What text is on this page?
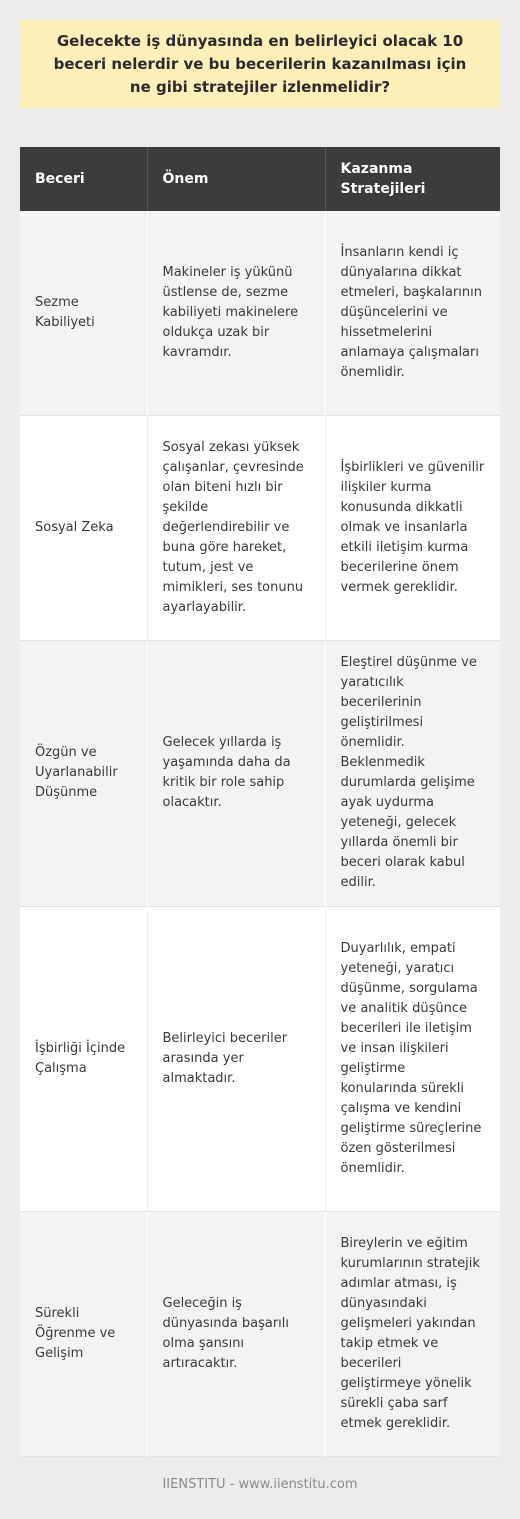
Gelecekte iş dünyasında en belirleyici olacak 10 beceri nelerdir ve bu becerilerin kazanılması için ne gibi stratejiler izlenmelidir?
Beceri	Önem	Kazanma Stratejileri
Sezme Kabiliyeti	Makineler iş yükünü üstlense de, sezme kabiliyeti makinelere oldukça uzak bir kavramdır.	İnsanların kendi iç dünyalarına dikkat etmeleri, başkalarının düşüncelerini ve hissetmelerini anlamaya çalışmaları önemlidir.
Sosyal Zeka	Sosyal zekası yüksek çalışanlar, çevresinde olan biteni hızlı bir şekilde değerlendirebilir ve buna göre hareket, tutum, jest ve mimikleri, ses tonunu ayarlayabilir.	İşbirlikleri ve güvenilir ilişkiler kurma konusunda dikkatli olmak ve insanlarla etkili iletişim kurma becerilerine önem vermek gereklidir.
Özgün ve Uyarlanabilir Düşünme	Gelecek yıllarda iş yaşamında daha da kritik bir role sahip olacaktır.	Eleştirel düşünme ve yaratıcılık becerilerinin geliştirilmesi önemlidir. Beklenmedik durumlarda gelişime ayak uydurma yeteneği, gelecek yıllarda önemli bir beceri olarak kabul edilir.
İşbirliği İçinde Çalışma	Belirleyici beceriler arasında yer almaktadır.	Duyarlılık, empati yeteneği, yaratıcı düşünme, sorgulama ve analitik düşünce becerileri ile iletişim ve insan ilişkileri geliştirme konularında sürekli çalışma ve kendini geliştirme süreçlerine özen gösterilmesi önemlidir.
Sürekli Öğrenme ve Gelişim	Geleceğin iş dünyasında başarılı olma şansını artıracaktır.	Bireylerin ve eğitim kurumlarının stratejik adımlar atması, iş dünyasındaki gelişmeleri yakından takip etmek ve becerileri geliştirmeye yönelik sürekli çaba sarf etmek gereklidir.
IIENSTITU - www.iienstitu.com
